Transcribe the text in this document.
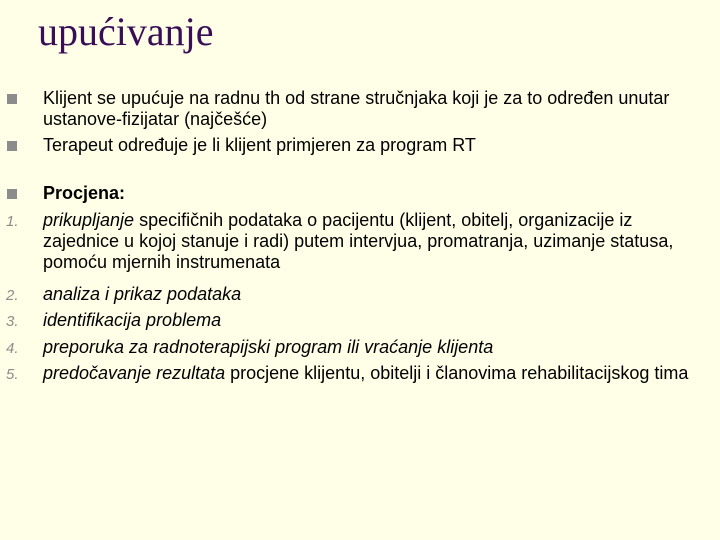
upućivanje
Klijent se upućuje na radnu th od strane stručnjaka koji je za to određen unutar ustanove-fizijatar (najčešće)
Terapeut određuje je li klijent primjeren za program RT
Procjena:
1. prikupljanje specifičnih podataka o pacijentu (klijent, obitelj, organizacije iz zajednice u kojoj stanuje i radi) putem intervjua, promatranja, uzimanje statusa, pomoću mjernih instrumenata
2. analiza i prikaz podataka
3. identifikacija problema
4. preporuka za radnoterapijski program ili vraćanje klijenta
5. predočavanje rezultata procjene klijentu, obitelji i članovima rehabilitacijskog tima
